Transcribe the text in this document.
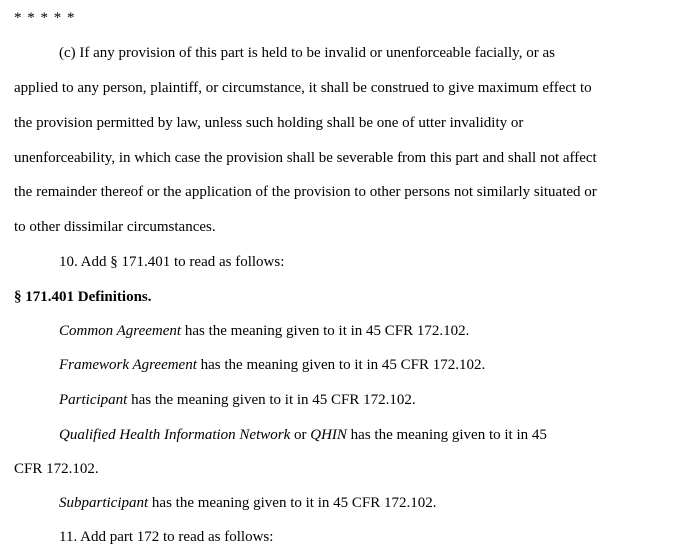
* * * * *
(c) If any provision of this part is held to be invalid or unenforceable facially, or as
applied to any person, plaintiff, or circumstance, it shall be construed to give maximum effect to
the provision permitted by law, unless such holding shall be one of utter invalidity or
unenforceability, in which case the provision shall be severable from this part and shall not affect
the remainder thereof or the application of the provision to other persons not similarly situated or
to other dissimilar circumstances.
10. Add § 171.401 to read as follows:
§ 171.401 Definitions.
Common Agreement has the meaning given to it in 45 CFR 172.102.
Framework Agreement has the meaning given to it in 45 CFR 172.102.
Participant has the meaning given to it in 45 CFR 172.102.
Qualified Health Information Network or QHIN has the meaning given to it in 45
CFR 172.102.
Subparticipant has the meaning given to it in 45 CFR 172.102.
11. Add part 172 to read as follows:
